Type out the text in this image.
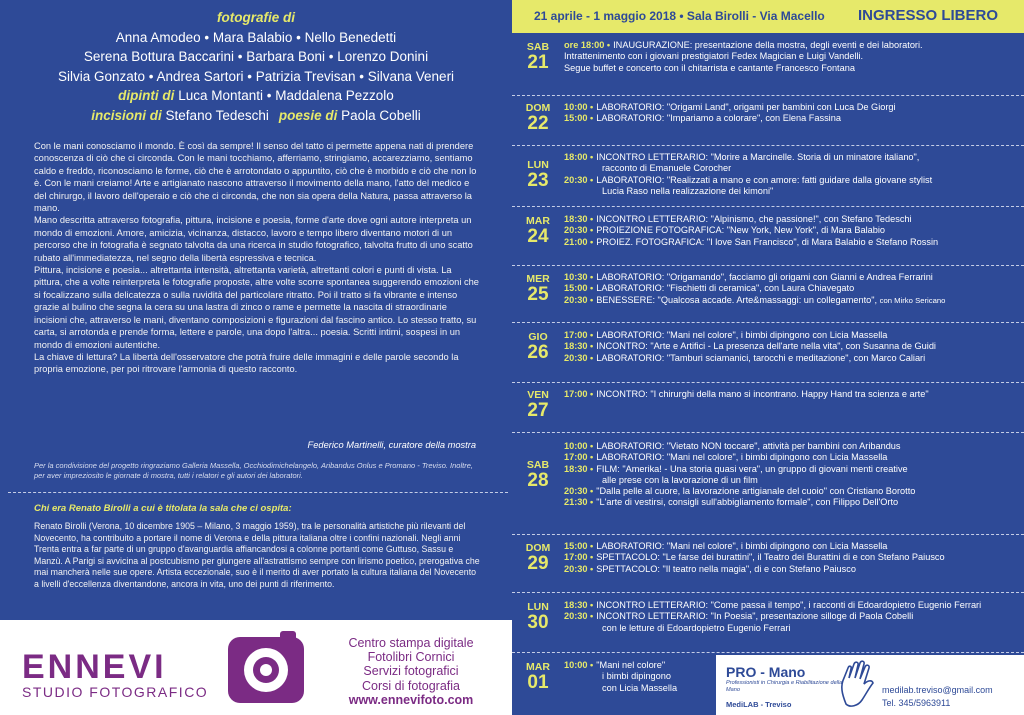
fotografie di
Anna Amodeo • Mara Balabio • Nello Benedetti
Serena Bottura Baccarini • Barbara Boni • Lorenzo Donini
Silvia Gonzato • Andrea Sartori • Patrizia Trevisan • Silvana Veneri
dipinti di Luca Montanti • Maddalena Pezzolo
incisioni di Stefano Tedeschi poesie di Paola Cobelli

Con le mani conosciamo il mondo. È così da sempre! Il senso del tatto ci permette appena nati di prendere conoscenza di ciò che ci circonda. Con le mani tocchiamo, afferriamo, stringiamo, accarezziamo, sentiamo caldo e freddo, riconosciamo le forme, ciò che è arrotondato o appuntito, ciò che è morbido e ciò che non lo è. Con le mani creiamo! Arte e artigianato nascono attraverso il movimento della mano, l'atto del medico e del chirurgo, il lavoro dell'operaio e ciò che ci circonda, che non sia opera della Natura, passa attraverso la mano.

Mano descritta attraverso fotografia, pittura, incisione e poesia, forme d'arte dove ogni autore interpreta un mondo di emozioni. Amore, amicizia, vicinanza, distacco, lavoro e tempo libero diventano motori di un percorso che in fotografia è segnato talvolta da una ricerca in studio fotografico, talvolta frutto di uno scatto rubato all'immediatezza, nel segno della libertà espressiva e tecnica.

Pittura, incisione e poesia... altrettanta intensità, altrettanta varietà, altrettanti colori e punti di vista. La pittura, che a volte reinterpreta le fotografie proposte, altre volte scorre spontanea suggerendo emozioni che si focalizzano sulla delicatezza o sulla ruvidità del particolare ritratto. Poi il tratto si fa vibrante e intenso grazie al bulino che segna la cera su una lastra di zinco o rame e permette la nascita di straordinarie incisioni che, attraverso le mani, diventano composizioni e figurazioni dal fascino antico. Lo stesso tratto, su carta, si arrotonda e prende forma, lettere e parole, una dopo l'altra... poesia. Scritti intimi, sospesi in un mondo di emozioni autentiche.

La chiave di lettura? La libertà dell'osservatore che potrà fruire delle immagini e delle parole secondo la propria emozione, per poi ritrovare l'armonia di questo racconto.

Federico Martinelli, curatore della mostra
Per la condivisione del progetto ringraziamo Galleria Massella, Occhiodimichelangelo, Aribandus Onlus e Promano - Treviso. Inoltre, per aver impreziosito le giornate di mostra, tutti i relatori e gli autori dei laboratori.
Chi era Renato Birolli a cui è titolata la sala che ci ospita:
Renato Birolli (Verona, 10 dicembre 1905 – Milano, 3 maggio 1959), tra le personalità artistiche più rilevanti del Novecento, ha contribuito a portare il nome di Verona e della pittura italiana oltre i confini nazionali. Negli anni Trenta entra a far parte di un gruppo d'avanguardia affiancandosi a colonne portanti come Guttuso, Sassu e Manzù. A Parigi si avvicina al postcubismo per giungere all'astrattismo sempre con lirismo poetico, prerogativa che mai mancherà nelle sue opere. Artista eccezionale, suo è il merito di aver portato la cultura italiana del Novecento a livelli d'eccellenza diventandone, ancora in vita, uno dei punti di riferimento.
ENNEVI
STUDIO FOTOGRAFICO
Centro stampa digitale
Fotolibri Cornici
Servizi fotografici
Corsi di fotografia
www.ennevifoto.com
21 aprile - 1 maggio 2018 • Sala Birolli - Via Macello INGRESSO LIBERO
SAB
21
ore 18:00 • INAUGURAZIONE: presentazione della mostra, degli eventi e dei laboratori.
Intrattenimento con i giovani prestigiatori Fedex Magician e Luigi Vandelli.
Segue buffet e concerto con il chitarrista e cantante Francesco Fontana
DOM
22
10:00 • LABORATORIO: "Origami Land", origami per bambini con Luca De Giorgi
15:00 • LABORATORIO: "Impariamo a colorare", con Elena Fassina
LUN
23
18:00 • INCONTRO LETTERARIO: "Morire a Marcinelle. Storia di un minatore italiano",
racconto di Emanuele Corocher
20:30 • LABORATORIO: "Realizzati a mano e con amore: fatti guidare dalla giovane stylist
Lucia Raso nella realizzazione dei kimoni"
MAR
24
18:30 • INCONTRO LETTERARIO: "Alpinismo, che passione!", con Stefano Tedeschi
20:30 • PROIEZIONE FOTOGRAFICA: "New York, New York", di Mara Balabio
21:00 • PROIEZ. FOTOGRAFICA: "I love San Francisco", di Mara Balabio e Stefano Rossin
MER
25
10:30 • LABORATORIO: "Origamando", facciamo gli origami con Gianni e Andrea Ferrarini
15:00 • LABORATORIO: "Fischietti di ceramica", con Laura Chiavegato
20:30 • BENESSERE: "Qualcosa accade. Arte&massaggi: un collegamento", con Mirko Sericano
GIO
26
17:00 • LABORATORIO: "Mani nel colore", i bimbi dipingono con Licia Massella
18:30 • INCONTRO: "Arte e Artifici - La presenza dell'arte nella vita", con Susanna de Guidi
20:30 • LABORATORIO: "Tamburi sciamanici, tarocchi e meditazione", con Marco Caliari
VEN
27
17:00 • INCONTRO: "I chirurghi della mano si incontrano. Happy Hand tra scienza e arte"
SAB
28
10:00 • LABORATORIO: "Vietato NON toccare", attività per bambini con Aribandus
17:00 • LABORATORIO: "Mani nel colore", i bimbi dipingono con Licia Massella
18:30 • FILM: "Amerika! - Una storia quasi vera", un gruppo di giovani menti creative
alle prese con la lavorazione di un film
20:30 • "Dalla pelle al cuore, la lavorazione artigianale del cuoio" con Cristiano Borotto
21:30 • "L'arte di vestirsi, consigli sull'abbigliamento formale", con Filippo Dell'Orto
DOM
29
15:00 • LABORATORIO: "Mani nel colore", i bimbi dipingono con Licia Massella
17:00 • SPETTACOLO: "Le farse dei burattini", il Teatro dei Burattini di e con Stefano Paiusco
20:30 • SPETTACOLO: "Il teatro nella magia", di e con Stefano Paiusco
LUN
30
18:30 • INCONTRO LETTERARIO: "Come passa il tempo", i racconti di Edoardopietro Eugenio Ferrari
20:30 • INCONTRO LETTERARIO: "In Poesia", presentazione silloge di Paola Cobelli
con le letture di Edoardopietro Eugenio Ferrari
MAR
01
10:00 • "Mani nel colore"
i bimbi dipingono
con Licia Massella
PRO - Mano
Professionisti in Chirurgia e Riabilitazione della Mano
MediLAB - Treviso
medilab.treviso@gmail.com
Tel. 345/5963911
